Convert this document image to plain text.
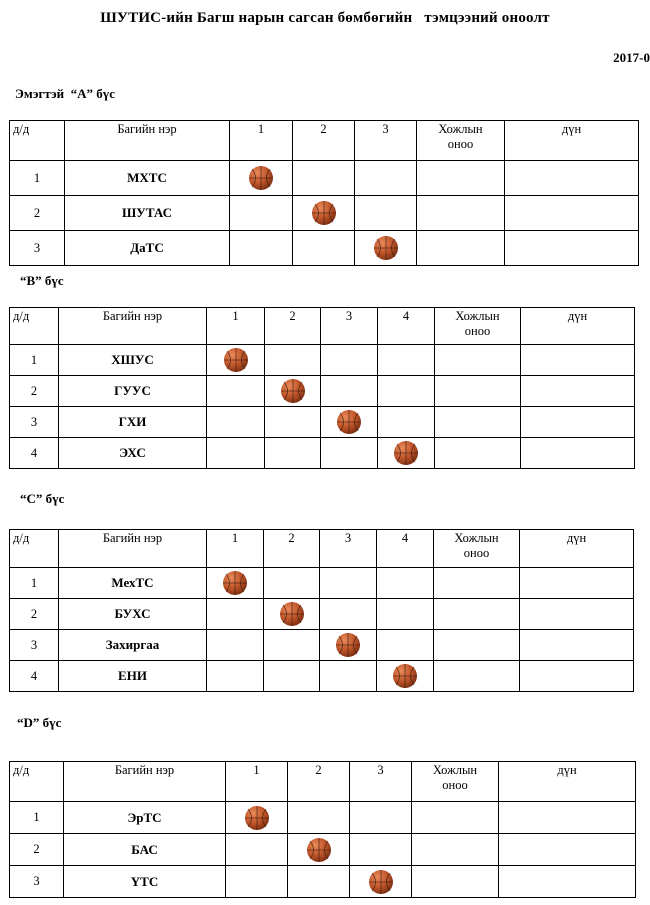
ШУТИС-ийн Багш нарын сагсан бөмбөгийн   тэмцээний оноолт
2017-0
Эмэгтэй  “A” бүс
д/д	Багийн нэр	1	2	3	Хожлын
оноо	дүн
1	МХТС	

2	ШУТАС		

3	ДаТС			

“B” бүс
д/д	Багийн нэр	1	2	3	4	Хожлын
оноо	дүн
1	ХШУС	

2	ГУУС		

3	ГХИ			

4	ЭХС				

“C” бүс
д/д	Багийн нэр	1	2	3	4	Хожлын
оноо	дүн
1	МехТС	

2	БУХС		

3	Захиргаа			

4	ЕНИ				

“D” бүс
д/д	Багийн нэр	1	2	3	Хожлын
оноо	дүн
1	ЭрТС	

2	БАС		

3	ҮТС			
